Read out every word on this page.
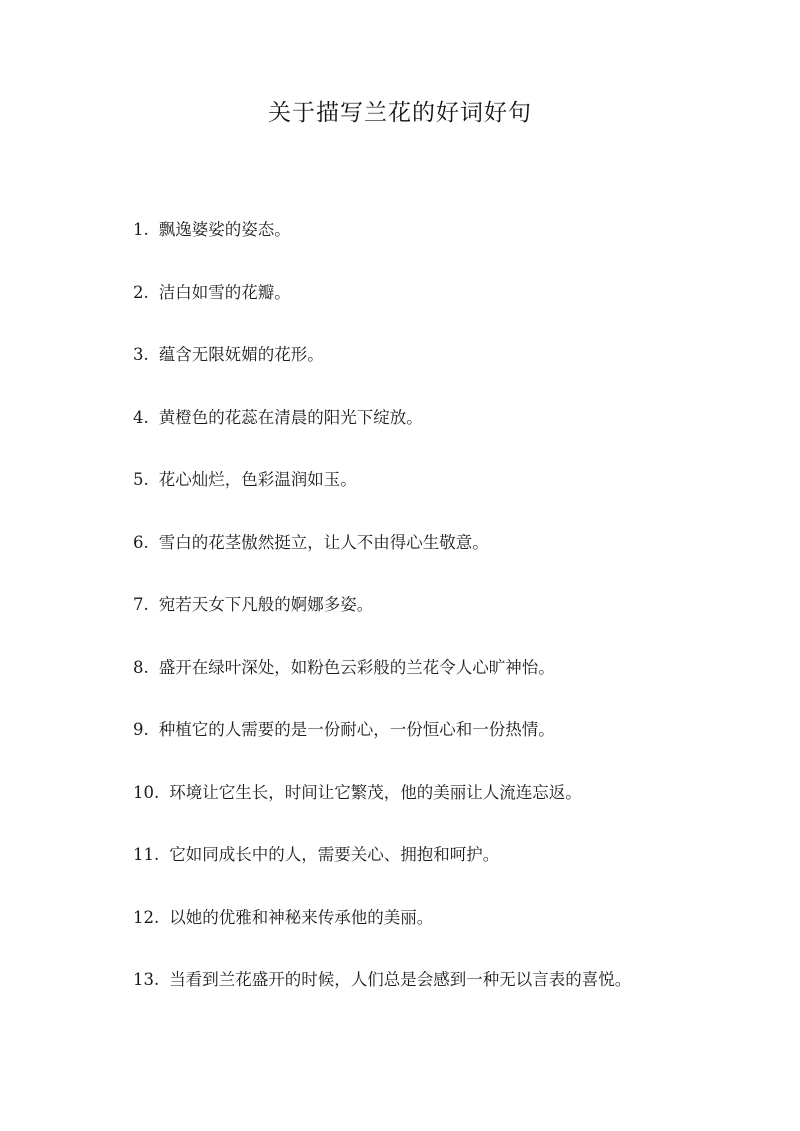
关于描写兰花的好词好句
1. 飘逸婆娑的姿态。
2. 洁白如雪的花瓣。
3. 蕴含无限妩媚的花形。
4. 黄橙色的花蕊在清晨的阳光下绽放。
5. 花心灿烂，色彩温润如玉。
6. 雪白的花茎傲然挺立，让人不由得心生敬意。
7. 宛若天女下凡般的婀娜多姿。
8. 盛开在绿叶深处，如粉色云彩般的兰花令人心旷神怡。
9. 种植它的人需要的是一份耐心，一份恒心和一份热情。
10. 环境让它生长，时间让它繁茂，他的美丽让人流连忘返。
11. 它如同成长中的人，需要关心、拥抱和呵护。
12. 以她的优雅和神秘来传承他的美丽。
13. 当看到兰花盛开的时候，人们总是会感到一种无以言表的喜悦。
